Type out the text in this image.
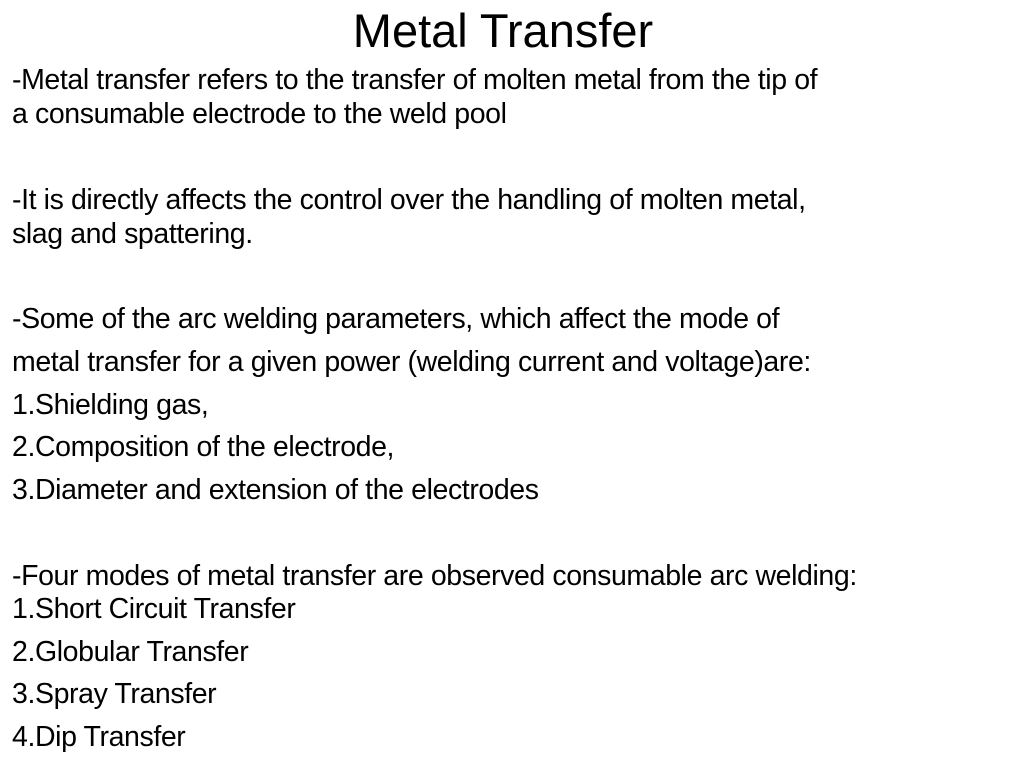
Metal Transfer
-Metal transfer refers to the transfer of molten metal from the tip of
a consumable electrode to the weld pool
-It is directly affects the control over the handling of molten metal,
slag and spattering.
-Some of the arc welding parameters, which affect the mode of
metal transfer for a given power (welding current and voltage)are:
1.Shielding gas,
2.Composition of the electrode,
3.Diameter and extension of the electrodes
-Four modes of metal transfer are observed consumable arc welding:
1.Short Circuit Transfer
2.Globular Transfer
3.Spray Transfer
4.Dip Transfer
